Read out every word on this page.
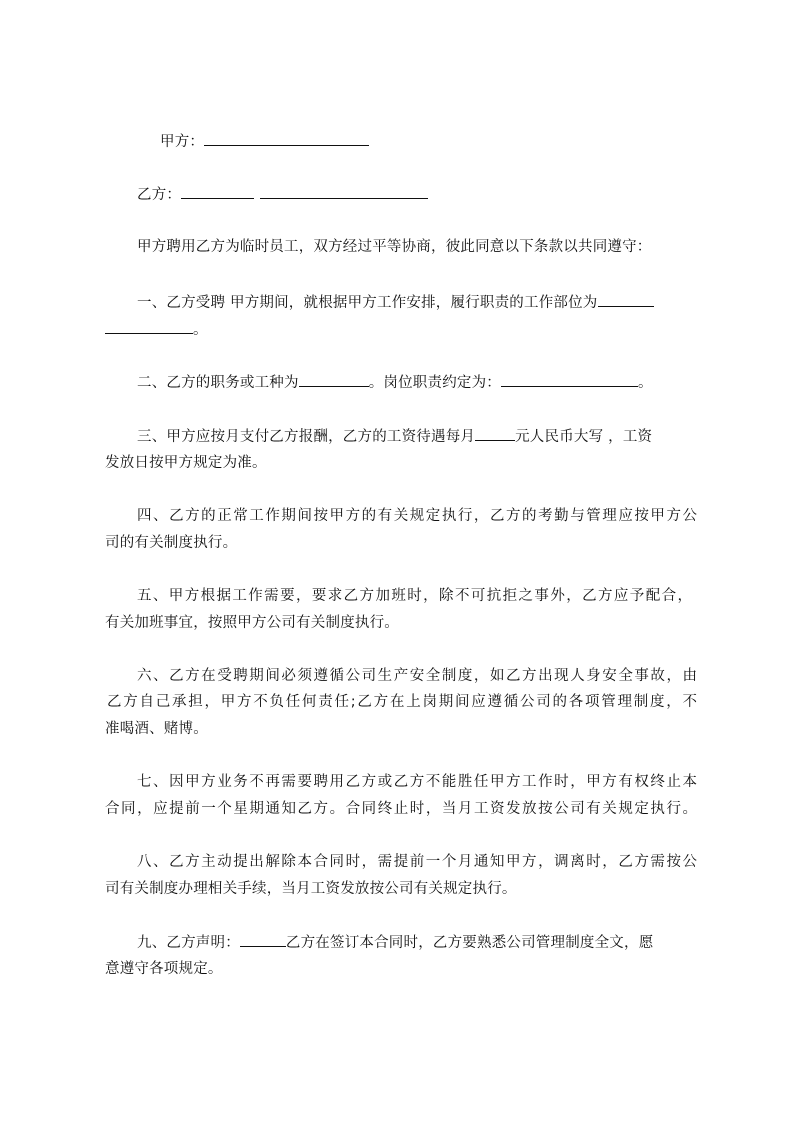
甲方：
乙方：
甲方聘用乙方为临时员工，双方经过平等协商，彼此同意以下条款以共同遵守：
一、乙方受聘 甲方期间，就根据甲方工作安排，履行职责的工作部位为
。
二、乙方的职务或工种为	。岗位职责约定为：	。
三、甲方应按月支付乙方报酬，乙方的工资待遇每月	元人民币大写 ，工资
发放日按甲方规定为准。
四、乙方的正常工作期间按甲方的有关规定执行，乙方的考勤与管理应按甲方公
司的有关制度执行。
五、甲方根据工作需要，要求乙方加班时，除不可抗拒之事外，乙方应予配合，
有关加班事宜，按照甲方公司有关制度执行。
六、乙方在受聘期间必须遵循公司生产安全制度，如乙方出现人身安全事故，由
乙方自己承担，甲方不负任何责任;乙方在上岗期间应遵循公司的各项管理制度，不
准喝酒、赌博。
七、因甲方业务不再需要聘用乙方或乙方不能胜任甲方工作时，甲方有权终止本
合同，应提前一个星期通知乙方。合同终止时，当月工资发放按公司有关规定执行。
八、乙方主动提出解除本合同时，需提前一个月通知甲方，调离时，乙方需按公
司有关制度办理相关手续，当月工资发放按公司有关规定执行。
九、乙方声明：	乙方在签订本合同时，乙方要熟悉公司管理制度全文，愿
意遵守各项规定。
